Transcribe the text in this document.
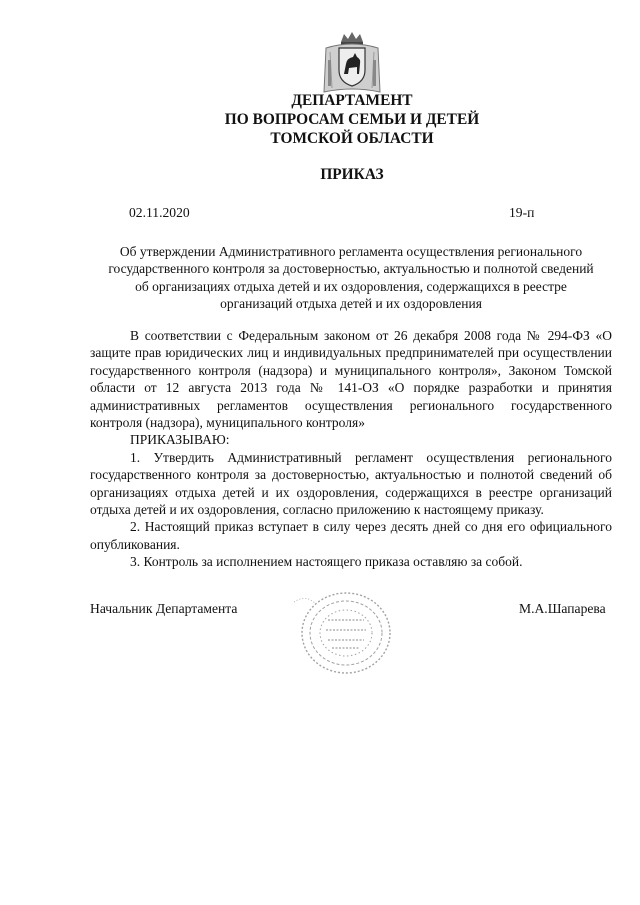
ДЕПАРТАМЕНТ
ПО ВОПРОСАМ СЕМЬИ И ДЕТЕЙ
ТОМСКОЙ ОБЛАСТИ
ПРИКАЗ
02.11.2020	19-п
Об утверждении Административного регламента осуществления регионального
государственного контроля за достоверностью, актуальностью и полнотой сведений
об организациях отдыха детей и их оздоровления, содержащихся в реестре
организаций отдыха детей и их оздоровления

В соответствии с Федеральным законом от 26 декабря 2008 года № 294-ФЗ «О защите прав юридических лиц и индивидуальных предпринимателей при осуществлении государственного контроля (надзора) и муниципального контроля», Законом Томской области от 12 августа 2013 года № 141-ОЗ «О порядке разработки и принятия административных регламентов осуществления регионального государственного контроля (надзора), муниципального контроля»

ПРИКАЗЫВАЮ:

1. Утвердить Административный регламент осуществления регионального государственного контроля за достоверностью, актуальностью и полнотой сведений об организациях отдыха детей и их оздоровления, содержащихся в реестре организаций отдыха детей и их оздоровления, согласно приложению к настоящему приказу.

2. Настоящий приказ вступает в силу через десять дней со дня его официального опубликования.

3. Контроль за исполнением настоящего приказа оставляю за собой.

Начальник Департамента	М.А.Шапарева
